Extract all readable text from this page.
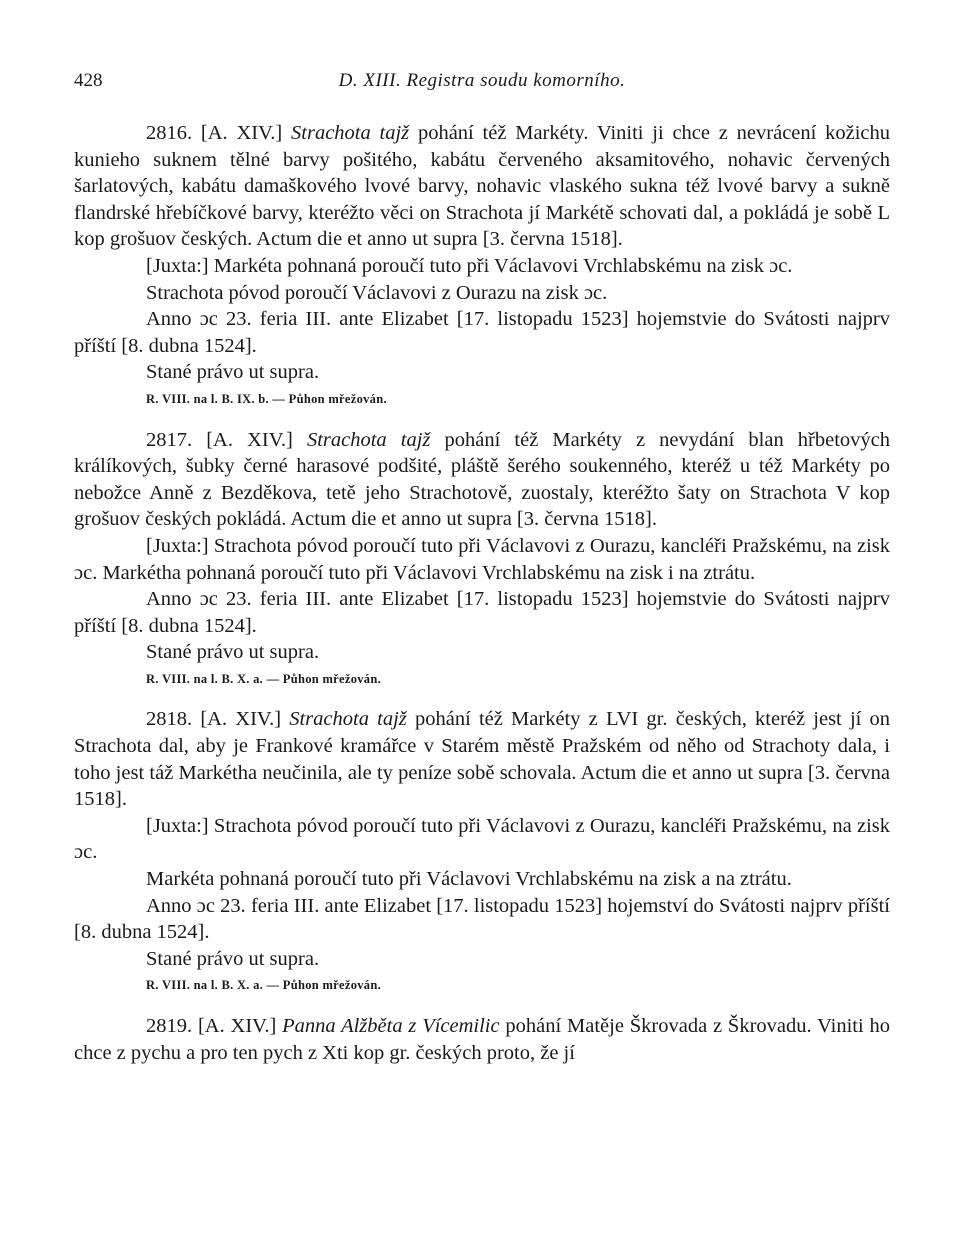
428	D. XIII. Registra soudu komorního.

2816. [A. XIV.] Strachota tajž pohání též Markéty. Viniti ji chce z nevrácení kožichu kunieho suknem tělné barvy pošitého, kabátu červeného aksamitového, nohavic červených šarlatových, kabátu damaškového lvové barvy, nohavic vlaského sukna též lvové barvy a sukně flandrské hřebíčkové barvy, kteréžto věci on Strachota jí Markétě schovati dal, a pokládá je sobě L kop grošuov českých. Actum die et anno ut supra [3. června 1518].

[Juxta:] Markéta pohnaná poroučí tuto při Václavovi Vrchlabskému na zisk ɔc.

Strachota póvod poroučí Václavovi z Ourazu na zisk ɔc.

Anno ɔc 23. feria III. ante Elizabet [17. listopadu 1523] hojemstvie do Svátosti najprv příští [8. dubna 1524].

Stané právo ut supra.

R. VIII. na l. B. IX. b. — Půhon mřežován.

2817. [A. XIV.] Strachota tajž pohání též Markéty z nevydání blan hřbetových králíkových, šubky černé harasové podšité, pláště šerého soukenného, kteréž u též Markéty po nebožce Anně z Bezděkova, tetě jeho Strachotově, zuostaly, kteréžto šaty on Strachota V kop grošuov českých pokládá. Actum die et anno ut supra [3. června 1518].

[Juxta:] Strachota póvod poroučí tuto při Václavovi z Ourazu, kancléři Pražskému, na zisk ɔc. Markétha pohnaná poroučí tuto při Václavovi Vrchlabskému na zisk i na ztrátu.

Anno ɔc 23. feria III. ante Elizabet [17. listopadu 1523] hojemstvie do Svátosti najprv příští [8. dubna 1524].

Stané právo ut supra.

R. VIII. na l. B. X. a. — Půhon mřežován.

2818. [A. XIV.] Strachota tajž pohání též Markéty z LVI gr. českých, kteréž jest jí on Strachota dal, aby je Frankové kramářce v Starém městě Pražském od něho od Strachoty dala, i toho jest táž Markétha neučinila, ale ty peníze sobě schovala. Actum die et anno ut supra [3. června 1518].

[Juxta:] Strachota póvod poroučí tuto při Václavovi z Ourazu, kancléři Pražskému, na zisk ɔc.

Markéta pohnaná poroučí tuto při Václavovi Vrchlabskému na zisk a na ztrátu.

Anno ɔc 23. feria III. ante Elizabet [17. listopadu 1523] hojemství do Svátosti najprv příští [8. dubna 1524].

Stané právo ut supra.

R. VIII. na l. B. X. a. — Půhon mřežován.

2819. [A. XIV.] Panna Alžběta z Vícemilic pohání Matěje Škrovada z Škrovadu. Viniti ho chce z pychu a pro ten pych z Xti kop gr. českých proto, že jí
